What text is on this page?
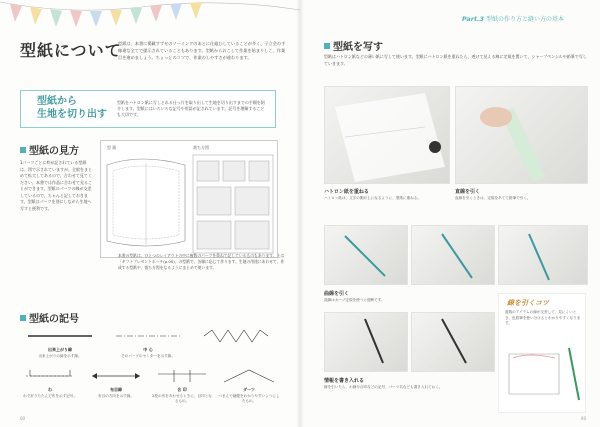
型紙について
型紙は、本書に掲載すずせのソーイングのあとに仕組むしていることが多く、子立会の手線違な全てで提示されていることもあります。型紙からおこして作業を始まりしこ、作業目を進めましょう。ちょっとのコツで、作業のしやすさが違わります。
型紙から
生地を切り出す
型紙をハトロン紙に写しとれる仕っ片を取り出して生地を切り出すまでの手順を紹介します。型紙にはいろいろな記号や用語が記されています。記号を理解することも大切です。
型紙の見方
1パーツごとに枠が記されている型紙は、図で示されていますが、全般をまとめて拡大してあるので、合わせて見てください。本書では作品に合わせて見ることができます。型紙のパーツの線が交差しているので、ちゃんと記しておきます。型紙はパーツを別にしながら生地へ写すと便利です。
型 紙	裁ち方図
本書の型紙は、ひとつのレイアウトの中に複数のパーツを重ねて記しているものもあります。上は「ギフトプレゼントポーチ(p.00)」の型紙で、各線に応じて作ります。生地の用途にあわせて、作成する型紙や、裁ち方図をなるようにまとめて使います。
型紙の記号
出来上がり線
出来上がりの線を示す線。
中 心
そのパーツのセンターを示す線。
わ
わで折りたたんだ布を示す記号。
布目線
布目の方向を示す線。
合 印
2枚の布をあわせるときに、目印となるもの。
ダーツ
つまんで縫製をわかりやすいようにしたもの。
00
Part.3 型紙の作り方と縫い方の基本
型紙を写す
型紙はハトロン紙などの薄い紙に写して使います。型紙にハトロン紙を重ねたら、透けて見える線に定規を置いて、シャープペンシルや鉛筆で写していきます。
ハトロン紙を重ねる
ハトロン紙は、文字の側が上になるように、型紙に重ねる。
直線を引く
直線を引くときは、定規をあてて鉛筆で引く。
曲線を引く
曲線はカーブ定規を使うと便利です。
情報を書き入れる
線を引いたら、わ線や合印などの記号、パーツ名なども書き入れておく。
線を引くコツ
複数のアイテムの線が交差して、見にくいとき、色鉛筆を使い分けるとわかりやすくなります。
00
